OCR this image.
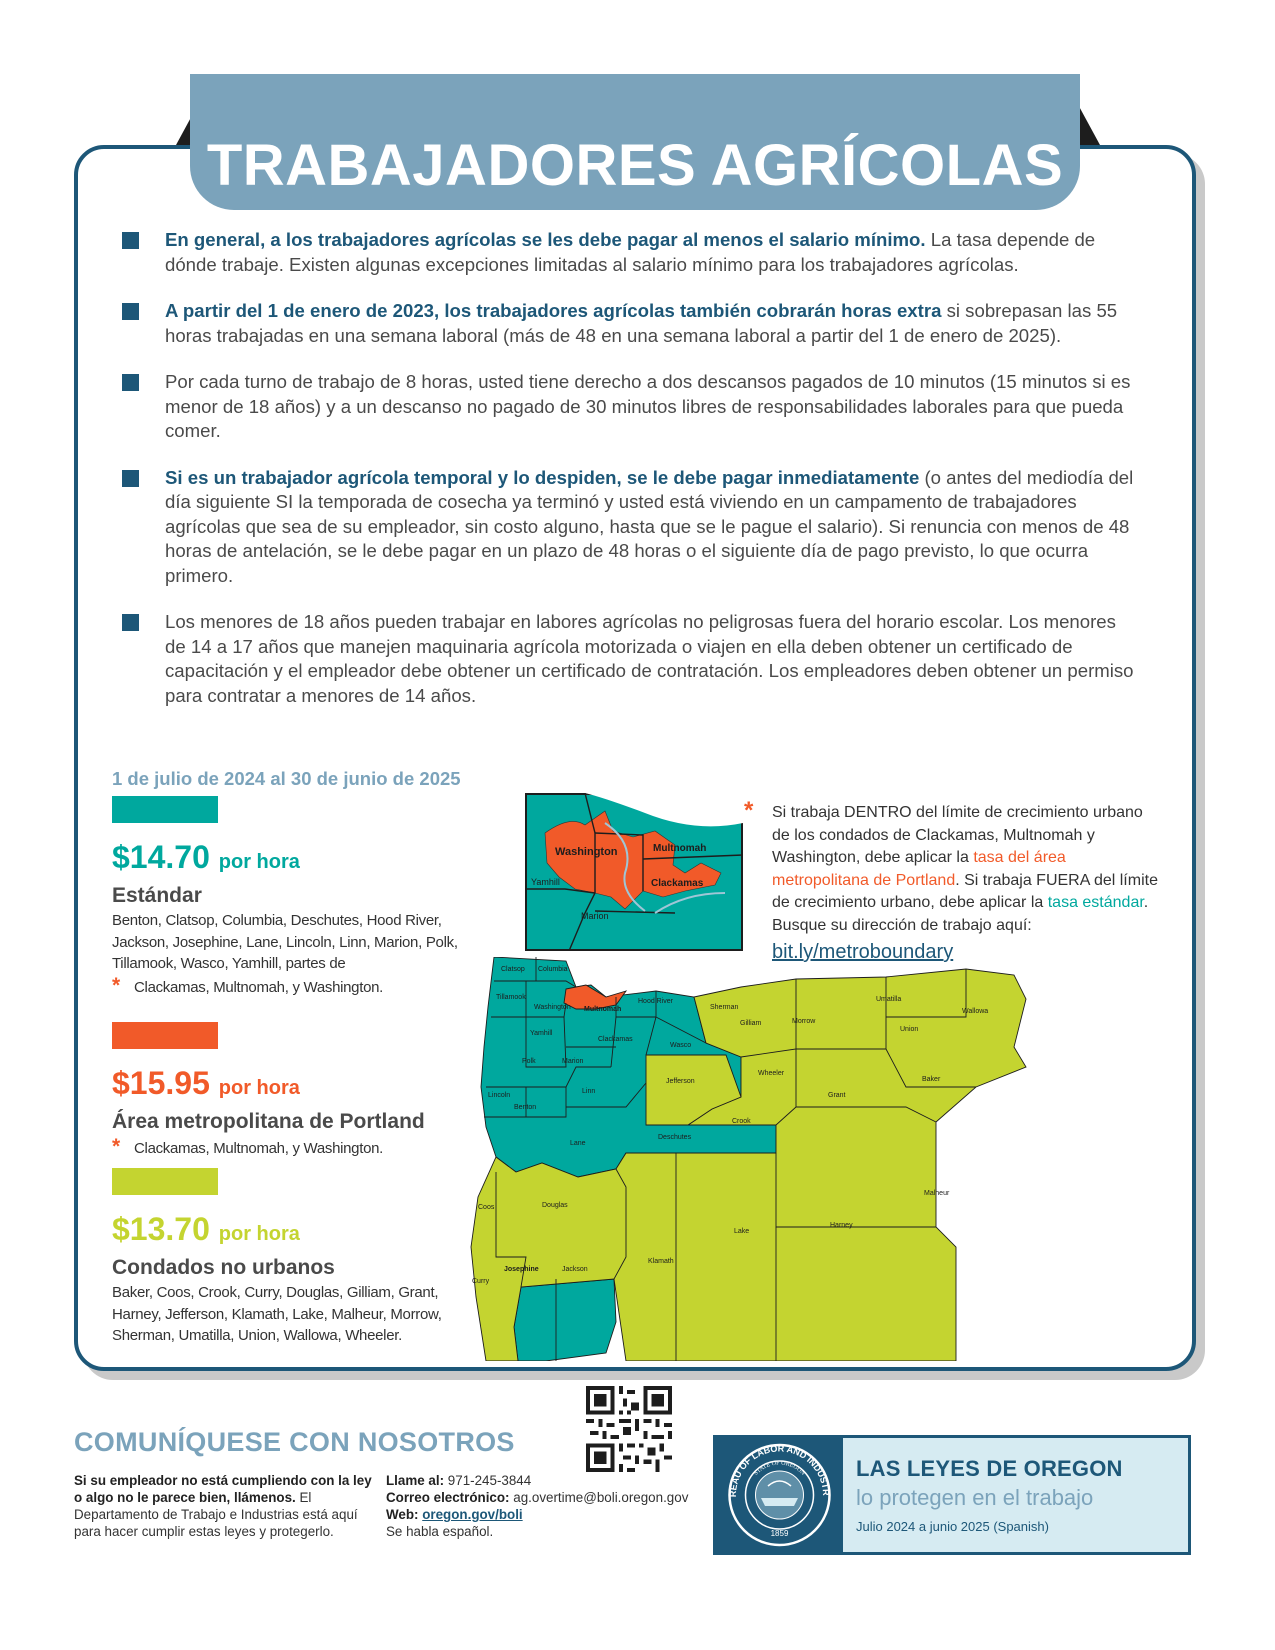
TRABAJADORES AGRÍCOLAS
En general, a los trabajadores agrícolas se les debe pagar al menos el salario mínimo. La tasa depende de dónde trabaje. Existen algunas excepciones limitadas al salario mínimo para los trabajadores agrícolas.
A partir del 1 de enero de 2023, los trabajadores agrícolas también cobrarán horas extra si sobrepasan las 55 horas trabajadas en una semana laboral (más de 48 en una semana laboral a partir del 1 de enero de 2025).
Por cada turno de trabajo de 8 horas, usted tiene derecho a dos descansos pagados de 10 minutos (15 minutos si es menor de 18 años) y a un descanso no pagado de 30 minutos libres de responsabilidades laborales para que pueda comer.
Si es un trabajador agrícola temporal y lo despiden, se le debe pagar inmediatamente (o antes del mediodía del día siguiente SI la temporada de cosecha ya terminó y usted está viviendo en un campamento de trabajadores agrícolas que sea de su empleador, sin costo alguno, hasta que se le pague el salario). Si renuncia con menos de 48 horas de antelación, se le debe pagar en un plazo de 48 horas o el siguiente día de pago previsto, lo que ocurra primero.
Los menores de 18 años pueden trabajar en labores agrícolas no peligrosas fuera del horario escolar. Los menores de 14 a 17 años que manejen maquinaria agrícola motorizada o viajen en ella deben obtener un certificado de capacitación y el empleador debe obtener un certificado de contratación. Los empleadores deben obtener un permiso para contratar a menores de 14 años.
1 de julio de 2024 al 30 de junio de 2025
$14.70 por hora
Estándar
Benton, Clatsop, Columbia, Deschutes, Hood River, Jackson, Josephine, Lane, Lincoln, Linn, Marion, Polk, Tillamook, Wasco, Yamhill, partes de
* Clackamas, Multnomah, y Washington.
$15.95 por hora
Área metropolitana de Portland
* Clackamas, Multnomah, y Washington.
$13.70 por hora
Condados no urbanos
Baker, Coos, Crook, Curry, Douglas, Gilliam, Grant, Harney, Jefferson, Klamath, Lake, Malheur, Morrow, Sherman, Umatilla, Union, Wallowa, Wheeler.
Washington	Multnomah
Clackamas
Yamhill
Marion
* Si trabaja DENTRO del límite de crecimiento urbano de los condados de Clackamas, Multnomah y Washington, debe aplicar la tasa del área metropolitana de Portland. Si trabaja FUERA del límite de crecimiento urbano, debe aplicar la tasa estándar. Busque su dirección de trabajo aquí:
bit.ly/metroboundary
Clatsop Columbia
Tillamook
Washington Multnomah
Hood River
Yamhill
Clackamas
Wasco
Sherman
Gilliam	Morrow
Umatilla
Union
Wallowa
Polk	Marion
Jefferson
Wheeler
Grant
Baker
Lincoln
Benton
Linn
Crook
Lane
Deschutes
Coos	Douglas
Lake
Harney
Malheur
Klamath
Curry
Josephine	Jackson
COMUNÍQUESE CON NOSOTROS
Si su empleador no está cumpliendo con la ley o algo no le parece bien, llámenos. El Departamento de Trabajo e Industrias está aquí para hacer cumplir estas leyes y protegerlo.
Llame al: 971-245-3844
Correo electrónico: ag.overtime@boli.oregon.gov
Web: oregon.gov/boli
Se habla español.
REAU OF LABOR AND INDUSTR
STATE OF OREGON
1859
LAS LEYES DE OREGON
lo protegen en el trabajo
Julio 2024 a junio 2025 (Spanish)
